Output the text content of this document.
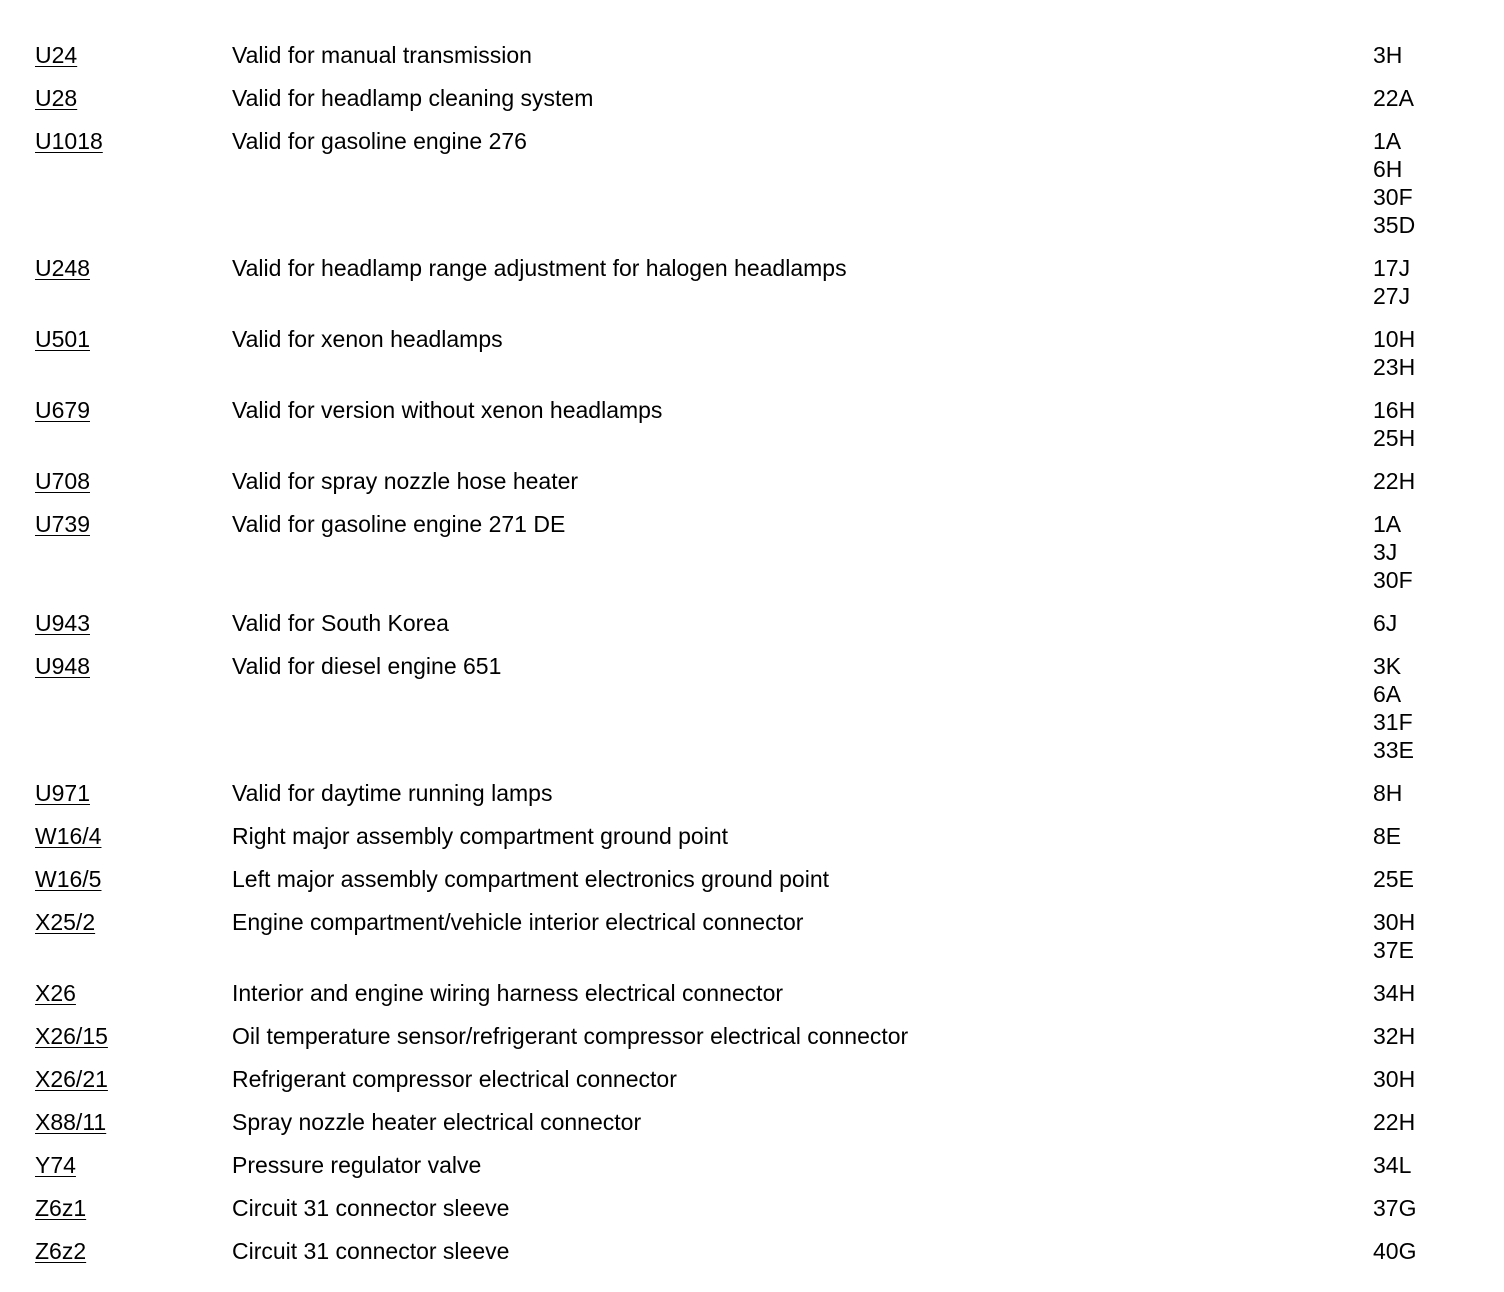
U24	Valid for manual transmission	3H
U28	Valid for headlamp cleaning system	22A
U1018	Valid for gasoline engine 276	1A
6H
30F
35D
U248	Valid for headlamp range adjustment for halogen headlamps	17J
27J
U501	Valid for xenon headlamps	10H
23H
U679	Valid for version without xenon headlamps	16H
25H
U708	Valid for spray nozzle hose heater	22H
U739	Valid for gasoline engine 271 DE	1A
3J
30F
U943	Valid for South Korea	6J
U948	Valid for diesel engine 651	3K
6A
31F
33E
U971	Valid for daytime running lamps	8H
W16/4	Right major assembly compartment ground point	8E
W16/5	Left major assembly compartment electronics ground point	25E
X25/2	Engine compartment/vehicle interior electrical connector	30H
37E
X26	Interior and engine wiring harness electrical connector	34H
X26/15	Oil temperature sensor/refrigerant compressor electrical connector	32H
X26/21	Refrigerant compressor electrical connector	30H
X88/11	Spray nozzle heater electrical connector	22H
Y74	Pressure regulator valve	34L
Z6z1	Circuit 31 connector sleeve	37G
Z6z2	Circuit 31 connector sleeve	40G
